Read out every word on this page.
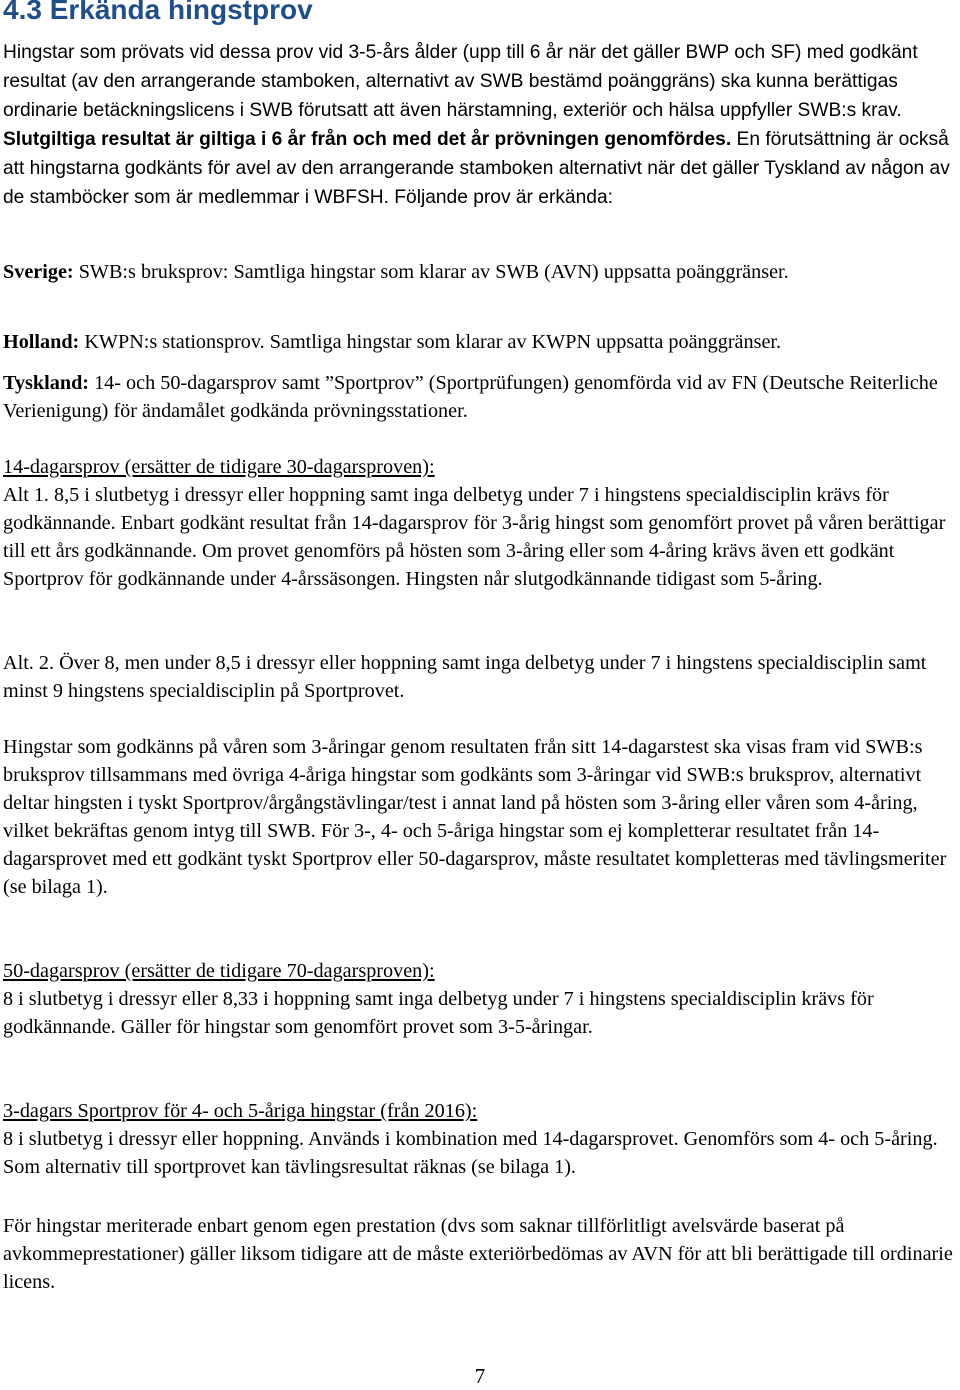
4.3 Erkända hingstprov

Hingstar som prövats vid dessa prov vid 3-5-års ålder (upp till 6 år när det gäller BWP och SF) med godkänt resultat (av den arrangerande stamboken, alternativt av SWB bestämd poänggräns) ska kunna berättigas ordinarie betäckningslicens i SWB förutsatt att även härstamning, exteriör och hälsa uppfyller SWB:s krav. Slutgiltiga resultat är giltiga i 6 år från och med det år prövningen genomfördes. En förutsättning är också att hingstarna godkänts för avel av den arrangerande stamboken alternativt när det gäller Tyskland av någon av de stamböcker som är medlemmar i WBFSH. Följande prov är erkända:

Sverige: SWB:s bruksprov: Samtliga hingstar som klarar av SWB (AVN) uppsatta poänggränser.

Holland: KWPN:s stationsprov. Samtliga hingstar som klarar av KWPN uppsatta poänggränser.

Tyskland: 14- och 50-dagarsprov samt ”Sportprov” (Sportprüfungen) genomförda vid av FN (Deutsche Reiterliche Verienigung) för ändamålet godkända prövningsstationer.

14-dagarsprov (ersätter de tidigare 30-dagarsproven):
Alt 1. 8,5 i slutbetyg i dressyr eller hoppning samt inga delbetyg under 7 i hingstens specialdisciplin krävs för godkännande. Enbart godkänt resultat från 14-dagarsprov för 3-årig hingst som genomfört provet på våren berättigar till ett års godkännande. Om provet genomförs på hösten som 3-åring eller som 4-åring krävs även ett godkänt Sportprov för godkännande under 4-årssäsongen. Hingsten når slutgodkännande tidigast som 5-åring.

Alt. 2. Över 8, men under 8,5 i dressyr eller hoppning samt inga delbetyg under 7 i hingstens specialdisciplin samt minst 9 hingstens specialdisciplin på Sportprovet.

Hingstar som godkänns på våren som 3-åringar genom resultaten från sitt 14-dagarstest ska visas fram vid SWB:s bruksprov tillsammans med övriga 4-åriga hingstar som godkänts som 3-åringar vid SWB:s bruksprov, alternativt deltar hingsten i tyskt Sportprov/årgångstävlingar/test i annat land på hösten som 3-åring eller våren som 4-åring, vilket bekräftas genom intyg till SWB. För 3-, 4- och 5-åriga hingstar som ej kompletterar resultatet från 14-dagarsprovet med ett godkänt tyskt Sportprov eller 50-dagarsprov, måste resultatet kompletteras med tävlingsmeriter (se bilaga 1).

50-dagarsprov (ersätter de tidigare 70-dagarsproven):
8 i slutbetyg i dressyr eller 8,33 i hoppning samt inga delbetyg under 7 i hingstens specialdisciplin krävs för godkännande. Gäller för hingstar som genomfört provet som 3-5-åringar.

3-dagars Sportprov för 4- och 5-åriga hingstar (från 2016):
8 i slutbetyg i dressyr eller hoppning. Används i kombination med 14-dagarsprovet. Genomförs som 4- och 5-åring. Som alternativ till sportprovet kan tävlingsresultat räknas (se bilaga 1).

För hingstar meriterade enbart genom egen prestation (dvs som saknar tillförlitligt avelsvärde baserat på avkommeprestationer) gäller liksom tidigare att de måste exteriörbedömas av AVN för att bli berättigade till ordinarie licens.

7
